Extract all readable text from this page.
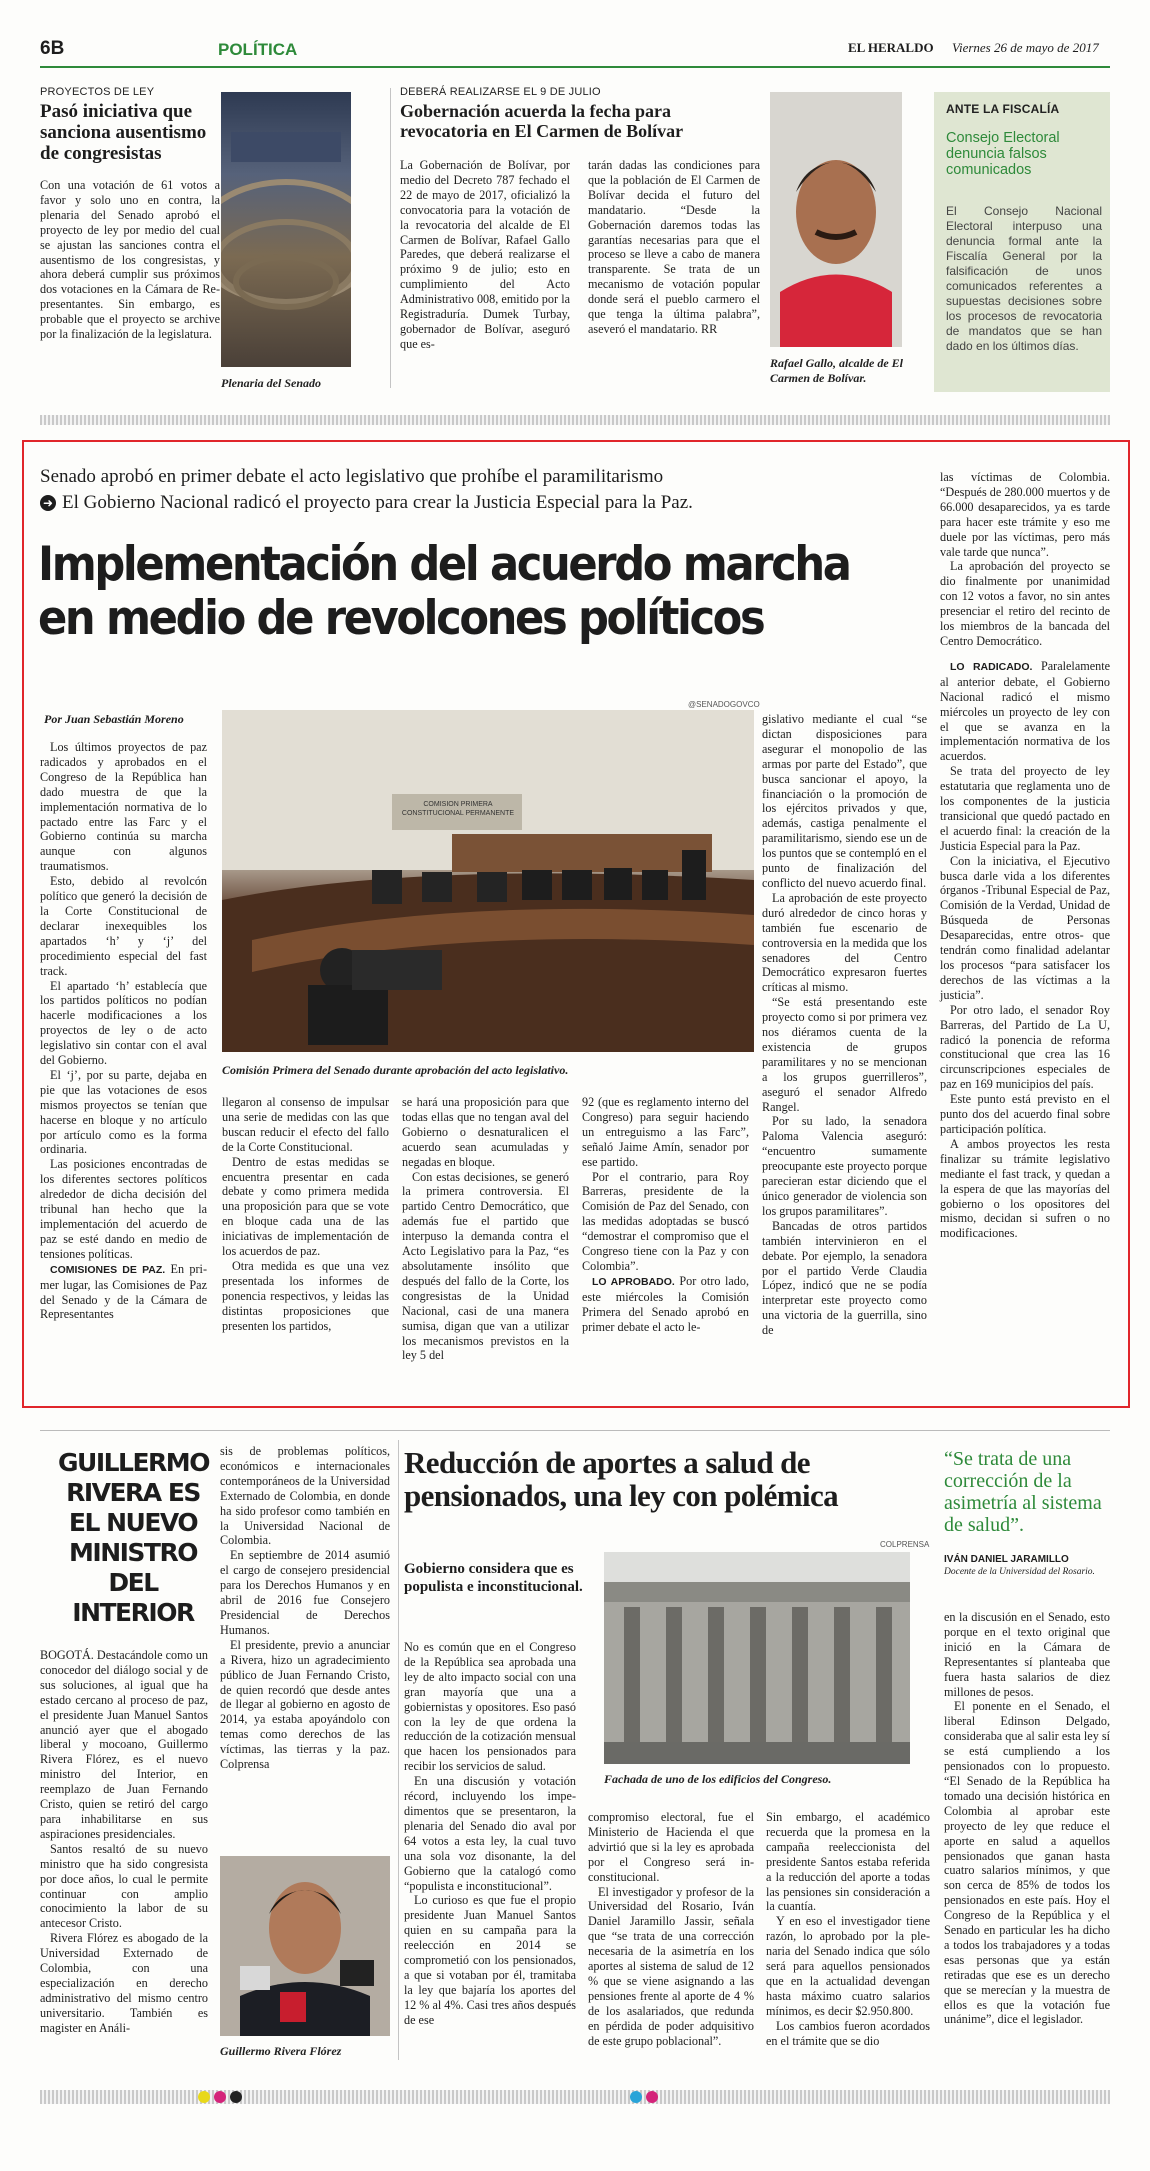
6B	POLÍTICA	EL HERALDO Viernes 26 de mayo de 2017
PROYECTOS DE LEY
Pasó iniciativa que sanciona ausentismo de congresistas
Con una votación de 61 votos a favor y solo uno en contra, la plenaria del Senado aprobó el proyecto de ley por medio del cual se ajustan las sanciones contra el ausentismo de los congresistas, y ahora deberá cumplir sus próximos dos votaciones en la Cámara de Representantes. Sin embargo, es probable que el proyecto se archive por la finalización de la legislatura.
Plenaria del Senado
DEBERÁ REALIZARSE EL 9 DE JULIO
Gobernación acuerda la fecha para revocatoria en El Carmen de Bolívar
La Gobernación de Bolívar, por medio del Decreto 787 fechado el 22 de mayo de 2017, oficializó la convocatoria para la votación de la revocatoria del alcalde de El Carmen de Bolívar, Rafael Gallo Paredes, que deberá realizarse el próximo 9 de julio; esto en cumplimiento del Acto Administrativo 008, emitido por la Registraduría. Dumek Turbay, gobernador de Bolívar, aseguró que es-
tarán dadas las condiciones para que la población de El Carmen de Bolívar decida el futuro del mandatario. “Desde la Gobernación daremos todas las garantías necesarias para que el proceso se lleve a cabo de manera transparente. Se trata de un mecanismo de votación popular donde será el pueblo carmero el que tenga la última palabra”, aseveró el mandatario. RR
Rafael Gallo, alcalde de El Carmen de Bolívar.
ANTE LA FISCALÍA
Consejo Electoral denuncia falsos comunicados
El Consejo Nacional Electoral interpuso una denuncia formal ante la Fiscalía General por la falsificación de unos comunicados referentes a supuestas decisiones sobre los procesos de revocatoria de mandatos que se han dado en los últimos días.
Senado aprobó en primer debate el acto legislativo que prohíbe el paramilitarismo
➜ El Gobierno Nacional radicó el proyecto para crear la Justicia Especial para la Paz.
Implementación del acuerdo marcha
en medio de revolcones políticos
Por Juan Sebastián Moreno
@SENADOGOVCO
COMISION PRIMERA CONSTITUCIONAL PERMANENTE
Comisión Primera del Senado durante aprobación del acto legislativo.

Los últimos proyectos de paz radicados y aprobados en el Congreso de la República han dado muestra de que la implementación normativa de lo pactado entre las Farc y el Gobierno continúa su marcha aunque con algunos traumatismos.

Esto, debido al revolcón político que generó la decisión de la Corte Constitucional de declarar inexequibles los apartados ‘h’ y ‘j’ del procedimiento especial del fast track.

El apartado ‘h’ establecía que los partidos políticos no podían hacerle modificaciones a los proyectos de ley o de acto legislativo sin contar con el aval del Gobierno.

El ‘j’, por su parte, dejaba en pie que las votaciones de esos mismos proyectos se tenían que hacerse en bloque y no artículo por artículo como es la forma ordinaria.

Las posiciones encontradas de los diferentes sectores políticos alrededor de dicha decisión del tribunal han hecho que la implementación del acuerdo de paz se esté dando en medio de tensiones políticas.

COMISIONES DE PAZ. En primer lugar, las Comisiones de Paz del Senado y de la Cámara de Representantes

llegaron al consenso de impulsar una serie de medidas con las que buscan reducir el efecto del fallo de la Corte Constitucional.

Dentro de estas medidas se encuentra presentar en cada debate y como primera medida una proposición para que se vote en bloque cada una de las iniciativas de implementación de los acuerdos de paz.

Otra medida es que una vez presentada los informes de ponencia respectivos, y leidas las distintas proposiciones que presenten los partidos,

se hará una proposición para que todas ellas que no tengan aval del Gobierno o desnaturalicen el acuerdo sean acumuladas y negadas en bloque.

Con estas decisiones, se generó la primera controversia. El partido Centro Democrático, que además fue el partido que interpuso la demanda contra el Acto Legislativo para la Paz, “es absolutamente insólito que después del fallo de la Corte, los congresistas de la Unidad Nacional, casi de una manera sumisa, digan que van a utilizar los mecanismos previstos en la ley 5 del

92 (que es reglamento interno del Congreso) para seguir haciendo un entreguismo a las Farc”, señaló Jaime Amín, senador por ese partido.

Por el contrario, para Roy Barreras, presidente de la Comisión de Paz del Senado, con las medidas adoptadas se buscó “demostrar el compromiso que el Congreso tiene con la Paz y con Colombia”.

LO APROBADO. Por otro lado, este miércoles la Comisión Primera del Senado aprobó en primer debate el acto le-

gislativo mediante el cual “se dictan disposiciones para asegurar el monopolio de las armas por parte del Estado”, que busca sancionar el apoyo, la financiación o la promoción de los ejércitos privados y que, además, castiga penalmente el paramilitarismo, siendo ese un de los puntos que se contempló en el punto de finalización del conflicto del nuevo acuerdo final.

La aprobación de este proyecto duró alrededor de cinco horas y también fue escenario de controversia en la medida que los senadores del Centro Democrático expresaron fuertes críticas al mismo.

“Se está presentando este proyecto como si por primera vez nos diéramos cuenta de la existencia de grupos paramilitares y no se mencionan a los grupos guerrilleros”, aseguró el senador Alfredo Rangel.

Por su lado, la senadora Paloma Valencia aseguró: “encuentro sumamente preocupante este proyecto porque parecieran estar diciendo que el único generador de violencia son los grupos paramilitares”.

Bancadas de otros partidos también intervinieron en el debate. Por ejemplo, la senadora por el partido Verde Claudia López, indicó que ne se podía interpretar este proyecto como una victoria de la guerrilla, sino de

las víctimas de Colombia. “Después de 280.000 muertos y de 66.000 desaparecidos, ya es tarde para hacer este trámite y eso me duele por las víctimas, pero más vale tarde que nunca”.

La aprobación del proyecto se dio finalmente por unanimidad con 12 votos a favor, no sin antes presenciar el retiro del recinto de los miembros de la bancada del Centro Democrático.

LO RADICADO. Paralelamente al anterior debate, el Gobierno Nacional radicó el mismo miércoles un proyecto de ley con el que se avanza en la implementación normativa de los acuerdos.

Se trata del proyecto de ley estatutaria que reglamenta uno de los componentes de la justicia transicional que quedó pactado en el acuerdo final: la creación de la Justicia Especial para la Paz.

Con la iniciativa, el Ejecutivo busca darle vida a los diferentes órganos -Tribunal Especial de Paz, Comisión de la Verdad, Unidad de Búsqueda de Personas Desaparecidas, entre otros- que tendrán como finalidad adelantar los procesos “para satisfacer los derechos de las víctimas a la justicia”.

Por otro lado, el senador Roy Barreras, del Partido de La U, radicó la ponencia de reforma constitucional que crea las 16 circunscripciones especiales de paz en 169 municipios del país.

Este punto está previsto en el punto dos del acuerdo final sobre participación política.

A ambos proyectos les resta finalizar su trámite legislativo mediante el fast track, y quedan a la espera de que las mayorías del gobierno o los opositores del mismo, decidan si sufren o no modificaciones.

GUILLERMO RIVERA ES EL NUEVO MINISTRO DEL INTERIOR

BOGOTÁ. Destacándole como un conocedor del diálogo social y de sus soluciones, al igual que ha estado cercano al proceso de paz, el presidente Juan Manuel Santos anunció ayer que el abogado liberal y mocoano, Guillermo Rivera Flórez, es el nuevo ministro del Interior, en reemplazo de Juan Fernando Cristo, quien se retiró del cargo para inhabilitarse en sus aspiraciones presidenciales.

Santos resaltó de su nuevo ministro que ha sido congresista por doce años, lo cual le permite continuar con amplio conocimiento la labor de su antecesor Cristo.

Rivera Flórez es abogado de la Universidad Externado de Colombia, con una especialización en derecho administrativo del mismo centro universitario. También es magister en Análi-

sis de problemas políticos, económicos e internacionales contemporáneos de la Universidad Externado de Colombia, en donde ha sido profesor como también en la Universidad Nacional de Colombia.

En septiembre de 2014 asumió el cargo de consejero presidencial para los Derechos Humanos y en abril de 2016 fue Consejero Presidencial de Derechos Humanos.

El presidente, previo a anunciar a Rivera, hizo un agradecimiento público de Juan Fernando Cristo, de quien recordó que desde antes de llegar al gobierno en agosto de 2014, ya estaba apoyándolo con temas como derechos de las víctimas, las tierras y la paz. Colprensa

Guillermo Rivera Flórez
Reducción de aportes a salud de pensionados, una ley con polémica
COLPRENSA
Gobierno considera que es populista e inconstitucional.
Fachada de uno de los edificios del Congreso.

No es común que en el Congreso de la República sea aprobada una ley de alto impacto social con una gran mayoría que una a gobiernistas y opositores. Eso pasó con la ley de que ordena la reducción de la cotización mensual que hacen los pensionados para recibir los servicios de salud.

En una discusión y votación récord, incluyendo los impedimentos que se presentaron, la plenaria del Senado dio aval por 64 votos a esta ley, la cual tuvo una sola voz disonante, la del Gobierno que la catalogó como “populista e inconstitucional”.

Lo curioso es que fue el propio presidente Juan Manuel Santos quien en su campaña para la reelección en 2014 se comprometió con los pensionados, a que si votaban por él, tramitaba la ley que bajaría los aportes del 12 % al 4%. Casi tres años después de ese

compromiso electoral, fue el Ministerio de Hacienda el que advirtió que si la ley es aprobada por el Congreso será inconstitucional.

El investigador y profesor de la Universidad del Rosario, Iván Daniel Jaramillo Jassir, señala que “se trata de una corrección necesaria de la asimetría en los aportes al sistema de salud de 12 % que se viene asignando a las pensiones frente al aporte de 4 % de los asalariados, que redunda en pérdida de poder adquisitivo de este grupo poblacional”.

Sin embargo, el académico recuerda que la promesa en la campaña reeleccionista del presidente Santos estaba referida a la reducción del aporte a todas las pensiones sin consideración a la cuantía.

Y en eso el investigador tiene razón, lo aprobado por la plenaria del Senado indica que sólo será para aquellos pensionados que en la actualidad devengan hasta máximo cuatro salarios mínimos, es decir $2.950.800.

Los cambios fueron acordados en el trámite que se dio

“Se trata de una corrección de la asimetría al sistema de salud”.
IVÁN DANIEL JARAMILLO
Docente de la Universidad del Rosario.

en la discusión en el Senado, esto porque en el texto original que inició en la Cámara de Representantes sí planteaba que fuera hasta salarios de diez millones de pesos.

El ponente en el Senado, el liberal Edinson Delgado, consideraba que al salir esta ley sí se está cumpliendo a los pensionados con lo propuesto. “El Senado de la República ha tomado una decisión histórica en Colombia al aprobar este proyecto de ley que reduce el aporte en salud a aquellos pensionados que ganan hasta cuatro salarios mínimos, y que son cerca de 85% de todos los pensionados en este país. Hoy el Congreso de la República y el Senado en particular les ha dicho a todos los trabajadores y a todas esas personas que ya están retiradas que ese es un derecho que se merecían y la muestra de ellos es que la votación fue unánime”, dice el legislador.
